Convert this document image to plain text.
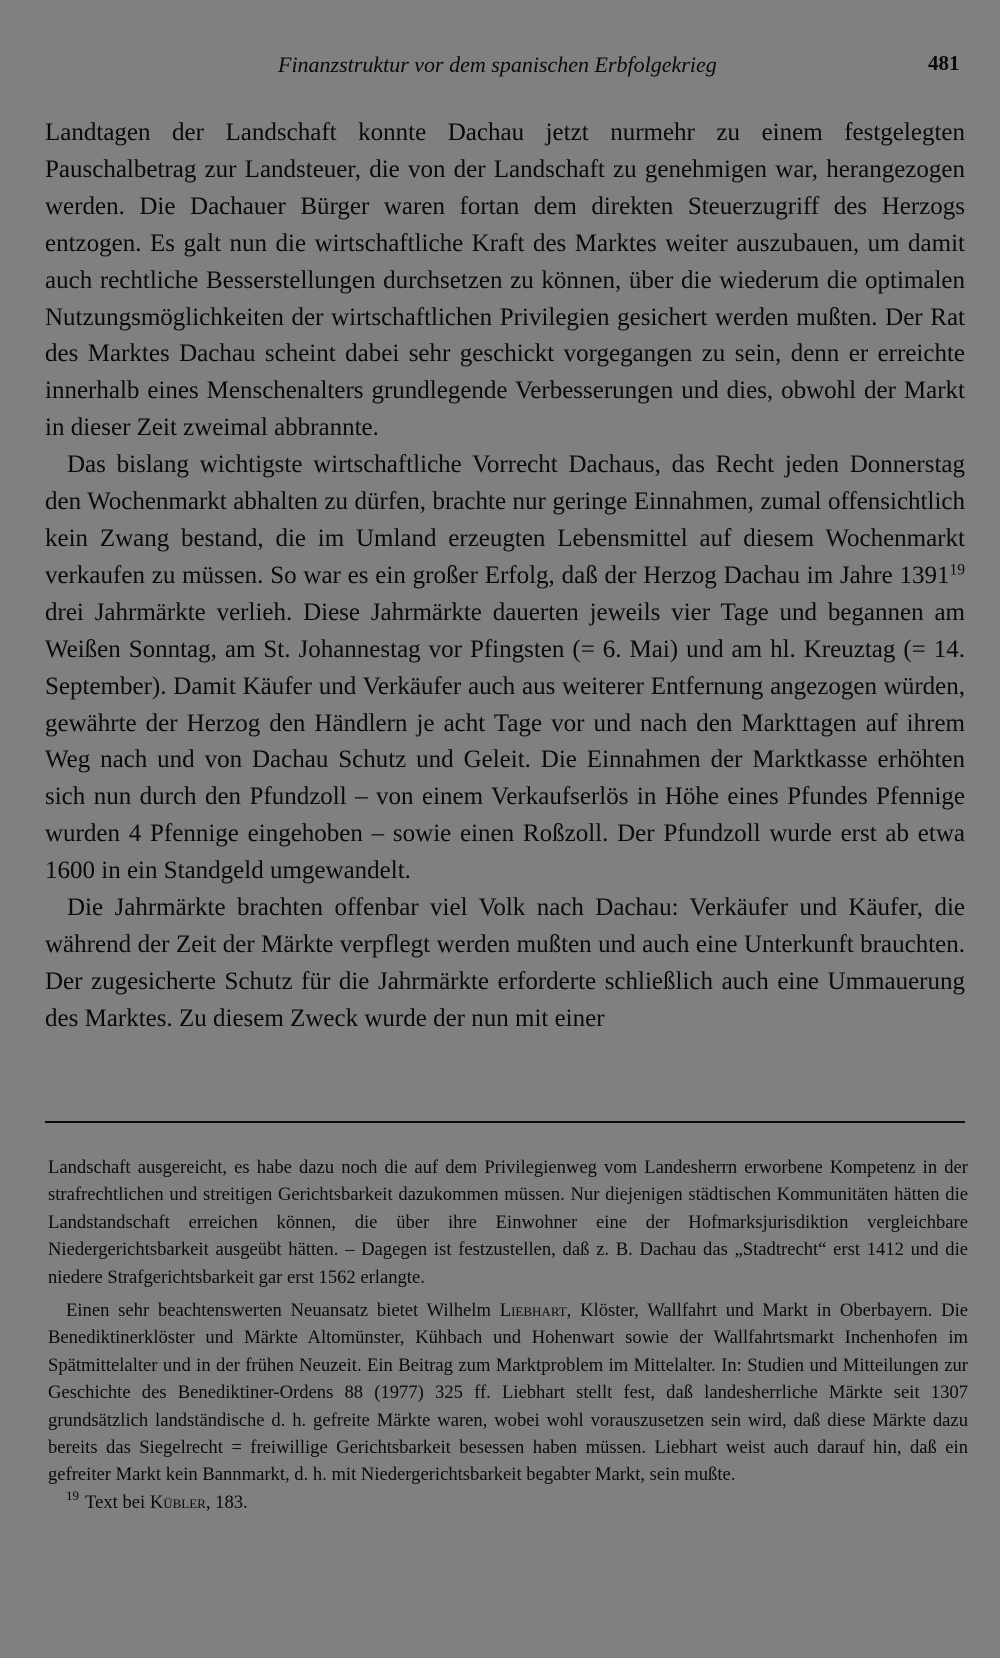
Finanzstruktur vor dem spanischen Erbfolgekrieg	481

Landtagen der Landschaft konnte Dachau jetzt nurmehr zu einem festgelegten Pauschalbetrag zur Landsteuer, die von der Landschaft zu genehmigen war, herangezogen werden. Die Dachauer Bürger waren fortan dem direkten Steuerzugriff des Herzogs entzogen. Es galt nun die wirtschaftliche Kraft des Marktes weiter auszubauen, um damit auch rechtliche Besserstellungen durchsetzen zu können, über die wiederum die optimalen Nutzungsmöglichkeiten der wirtschaftlichen Privilegien gesichert werden mußten. Der Rat des Marktes Dachau scheint dabei sehr geschickt vorgegangen zu sein, denn er erreichte innerhalb eines Menschenalters grundlegende Verbesserungen und dies, obwohl der Markt in dieser Zeit zweimal abbrannte.

Das bislang wichtigste wirtschaftliche Vorrecht Dachaus, das Recht jeden Donnerstag den Wochenmarkt abhalten zu dürfen, brachte nur geringe Einnahmen, zumal offensichtlich kein Zwang bestand, die im Umland erzeugten Lebensmittel auf diesem Wochenmarkt verkaufen zu müssen. So war es ein großer Erfolg, daß der Herzog Dachau im Jahre 1391$^{19}$ drei Jahrmärkte verlieh. Diese Jahrmärkte dauerten jeweils vier Tage und begannen am Weißen Sonntag, am St. Johannestag vor Pfingsten (= 6. Mai) und am hl. Kreuztag (= 14. September). Damit Käufer und Verkäufer auch aus weiterer Entfernung angezogen würden, gewährte der Herzog den Händlern je acht Tage vor und nach den Markttagen auf ihrem Weg nach und von Dachau Schutz und Geleit. Die Einnahmen der Marktkasse erhöhten sich nun durch den Pfundzoll – von einem Verkaufserlös in Höhe eines Pfundes Pfennige wurden 4 Pfennige eingehoben – sowie einen Roßzoll. Der Pfundzoll wurde erst ab etwa 1600 in ein Standgeld umgewandelt.

Die Jahrmärkte brachten offenbar viel Volk nach Dachau: Verkäufer und Käufer, die während der Zeit der Märkte verpflegt werden mußten und auch eine Unterkunft brauchten. Der zugesicherte Schutz für die Jahrmärkte erforderte schließlich auch eine Ummauerung des Marktes. Zu diesem Zweck wurde der nun mit einer

Landschaft ausgereicht, es habe dazu noch die auf dem Privilegienweg vom Landesherrn erworbene Kompetenz in der strafrechtlichen und streitigen Gerichtsbarkeit dazukommen müssen. Nur diejenigen städtischen Kommunitäten hätten die Landstandschaft erreichen können, die über ihre Einwohner eine der Hofmarksjurisdiktion vergleichbare Niedergerichtsbarkeit ausgeübt hätten. – Dagegen ist festzustellen, daß z. B. Dachau das „Stadtrecht“ erst 1412 und die niedere Strafgerichtsbarkeit gar erst 1562 erlangte.

Einen sehr beachtenswerten Neuansatz bietet Wilhelm Liebhart, Klöster, Wallfahrt und Markt in Oberbayern. Die Benediktinerklöster und Märkte Altomünster, Kühbach und Hohenwart sowie der Wallfahrtsmarkt Inchenhofen im Spätmittelalter und in der frühen Neuzeit. Ein Beitrag zum Marktproblem im Mittelalter. In: Studien und Mitteilungen zur Geschichte des Benediktiner-Ordens 88 (1977) 325 ff. Liebhart stellt fest, daß landesherrliche Märkte seit 1307 grundsätzlich landständische d. h. gefreite Märkte waren, wobei wohl vorauszusetzen sein wird, daß diese Märkte dazu bereits das Siegelrecht = freiwillige Gerichtsbarkeit besessen haben müssen. Liebhart weist auch darauf hin, daß ein gefreiter Markt kein Bannmarkt, d. h. mit Niedergerichtsbarkeit begabter Markt, sein mußte.

$^{19}$ Text bei Kübler, 183.
